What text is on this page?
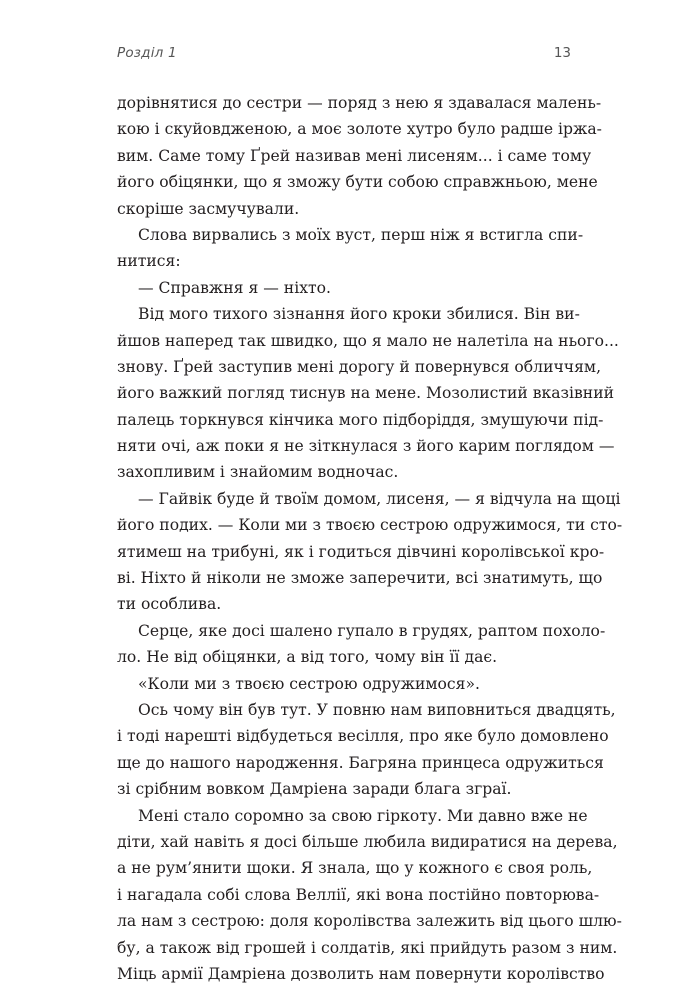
Розділ 1	13
дорівнятися до сестри — поряд з нею я здавалася малень-
кою і скуйовдженою, а моє золоте хутро було радше іржа-
вим. Саме тому Ґрей називав мені лисеням... і саме тому
його обіцянки, що я зможу бути собою справжньою, мене
скоріше засмучували.
Слова вирвались з моїх вуст, перш ніж я встигла спи-
нитися:
— Справжня я — ніхто.
Від мого тихого зізнання його кроки збилися. Він ви-
йшов наперед так швидко, що я мало не налетіла на нього...
знову. Ґрей заступив мені дорогу й повернувся обличчям,
його важкий погляд тиснув на мене. Мозолистий вказівний
палець торкнувся кінчика мого підборіддя, змушуючи під-
няти очі, аж поки я не зіткнулася з його карим поглядом —
захопливим і знайомим водночас.
— Гайвік буде й твоїм домом, лисеня, — я відчула на щоці
його подих. — Коли ми з твоєю сестрою одружимося, ти сто-
ятимеш на трибуні, як і годиться дівчині королівської кро-
ві. Ніхто й ніколи не зможе заперечити, всі знатимуть, що
ти особлива.
Серце, яке досі шалено гупало в грудях, раптом похоло-
ло. Не від обіцянки, а від того, чому він її дає.
«Коли ми з твоєю сестрою одружимося».
Ось чому він був тут. У повню нам виповниться двадцять,
і тоді нарешті відбудеться весілля, про яке було домовлено
ще до нашого народження. Багряна принцеса одружиться
зі срібним вовком Дамріена заради блага зграї.
Мені стало соромно за свою гіркоту. Ми давно вже не
діти, хай навіть я досі більше любила видиратися на дерева,
а не рум’янити щоки. Я знала, що у кожного є своя роль,
і нагадала собі слова Веллії, які вона постійно повторюва-
ла нам з сестрою: доля королівства залежить від цього шлю-
бу, а також від грошей і солдатів, які прийдуть разом з ним.
Міць армії Дамріена дозволить нам повернути королівство
